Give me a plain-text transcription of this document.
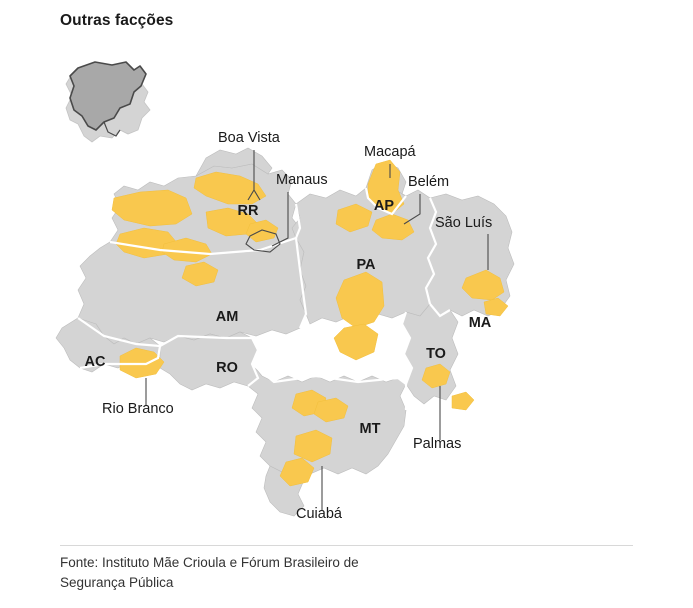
Outras facções
RR	AP
AM
PA
MA
AC	RO
TO
MT
Boa Vista
Manaus
Macapá
Belém
São Luís
Rio Branco
Palmas
Cuiabá
Fonte: Instituto Mãe Crioula e Fórum Brasileiro de
Segurança Pública
